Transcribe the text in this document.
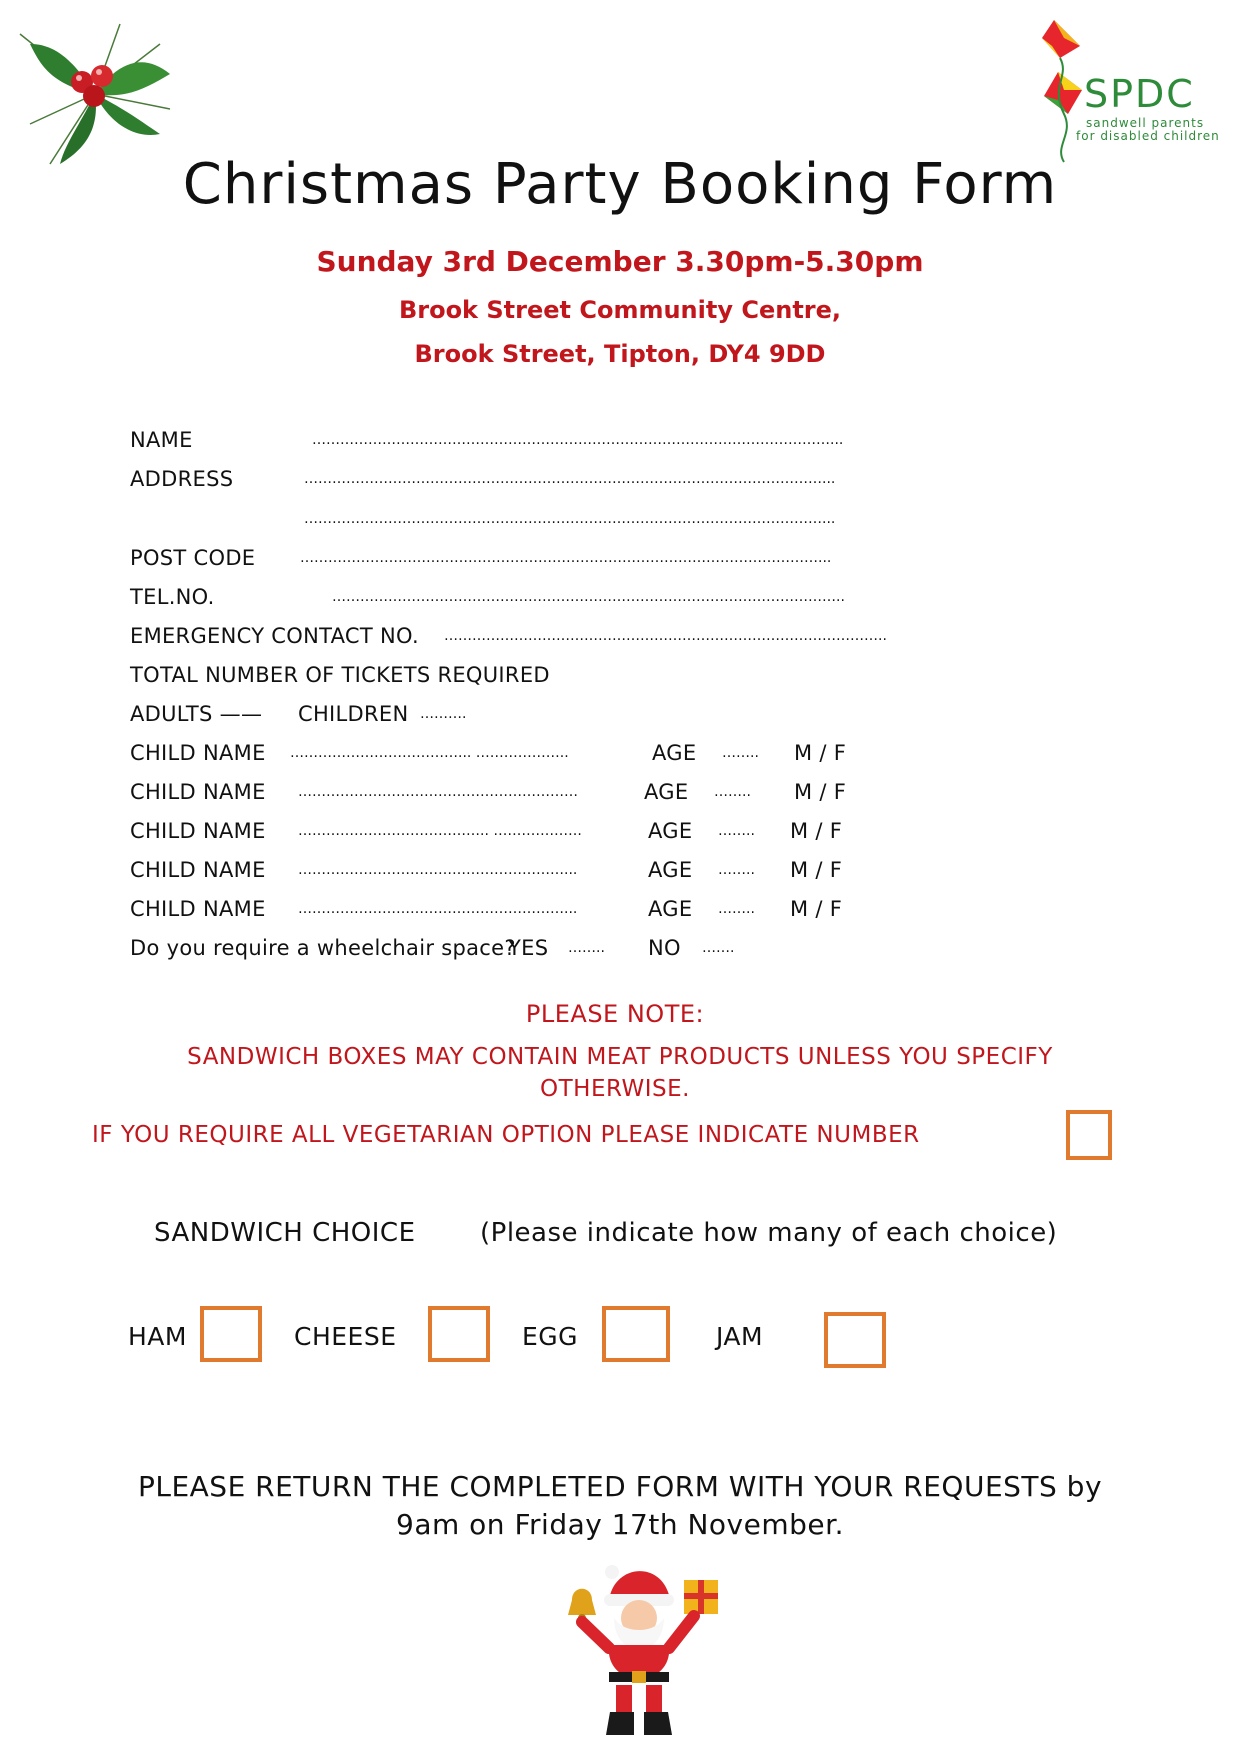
SPDC
sandwell parents
for disabled children
Christmas Party Booking Form
Sunday 3rd December 3.30pm-5.30pm
Brook Street Community Centre,
Brook Street, Tipton, DY4 9DD
NAME	…………………………………………………………………………………………………...
ADDRESS	…………………………………………………………………………………………………...
…………………………………………………………………………………………………...
POST CODE	…………………………………………………………………………………………………...
TEL.NO.	………………………………………………………………………………………………..
EMERGENCY CONTACT NO. …………………………………………………………………………………..
TOTAL NUMBER OF TICKETS REQUIRED
ADULTS —— CHILDREN ……….
CHILD NAME ………………………………... ………………..	AGE …….. M / F
CHILD NAME ……………………………………………………	AGE …….. M / F
CHILD NAME ………………………………….. ……………….	AGE …….. M / F
CHILD NAME …………………………………………………...	AGE …….. M / F
CHILD NAME …………………………………………………...	AGE …….. M / F
Do you require a wheelchair space?
YES …….. NO …….
PLEASE NOTE:
SANDWICH BOXES MAY CONTAIN MEAT PRODUCTS UNLESS YOU SPECIFY
OTHERWISE.
IF YOU REQUIRE ALL VEGETARIAN OPTION PLEASE INDICATE NUMBER
SANDWICH CHOICE (Please indicate how many of each choice)
HAM	CHEESE	EGG	JAM
PLEASE RETURN THE COMPLETED FORM WITH YOUR REQUESTS by
9am on Friday 17th November.
